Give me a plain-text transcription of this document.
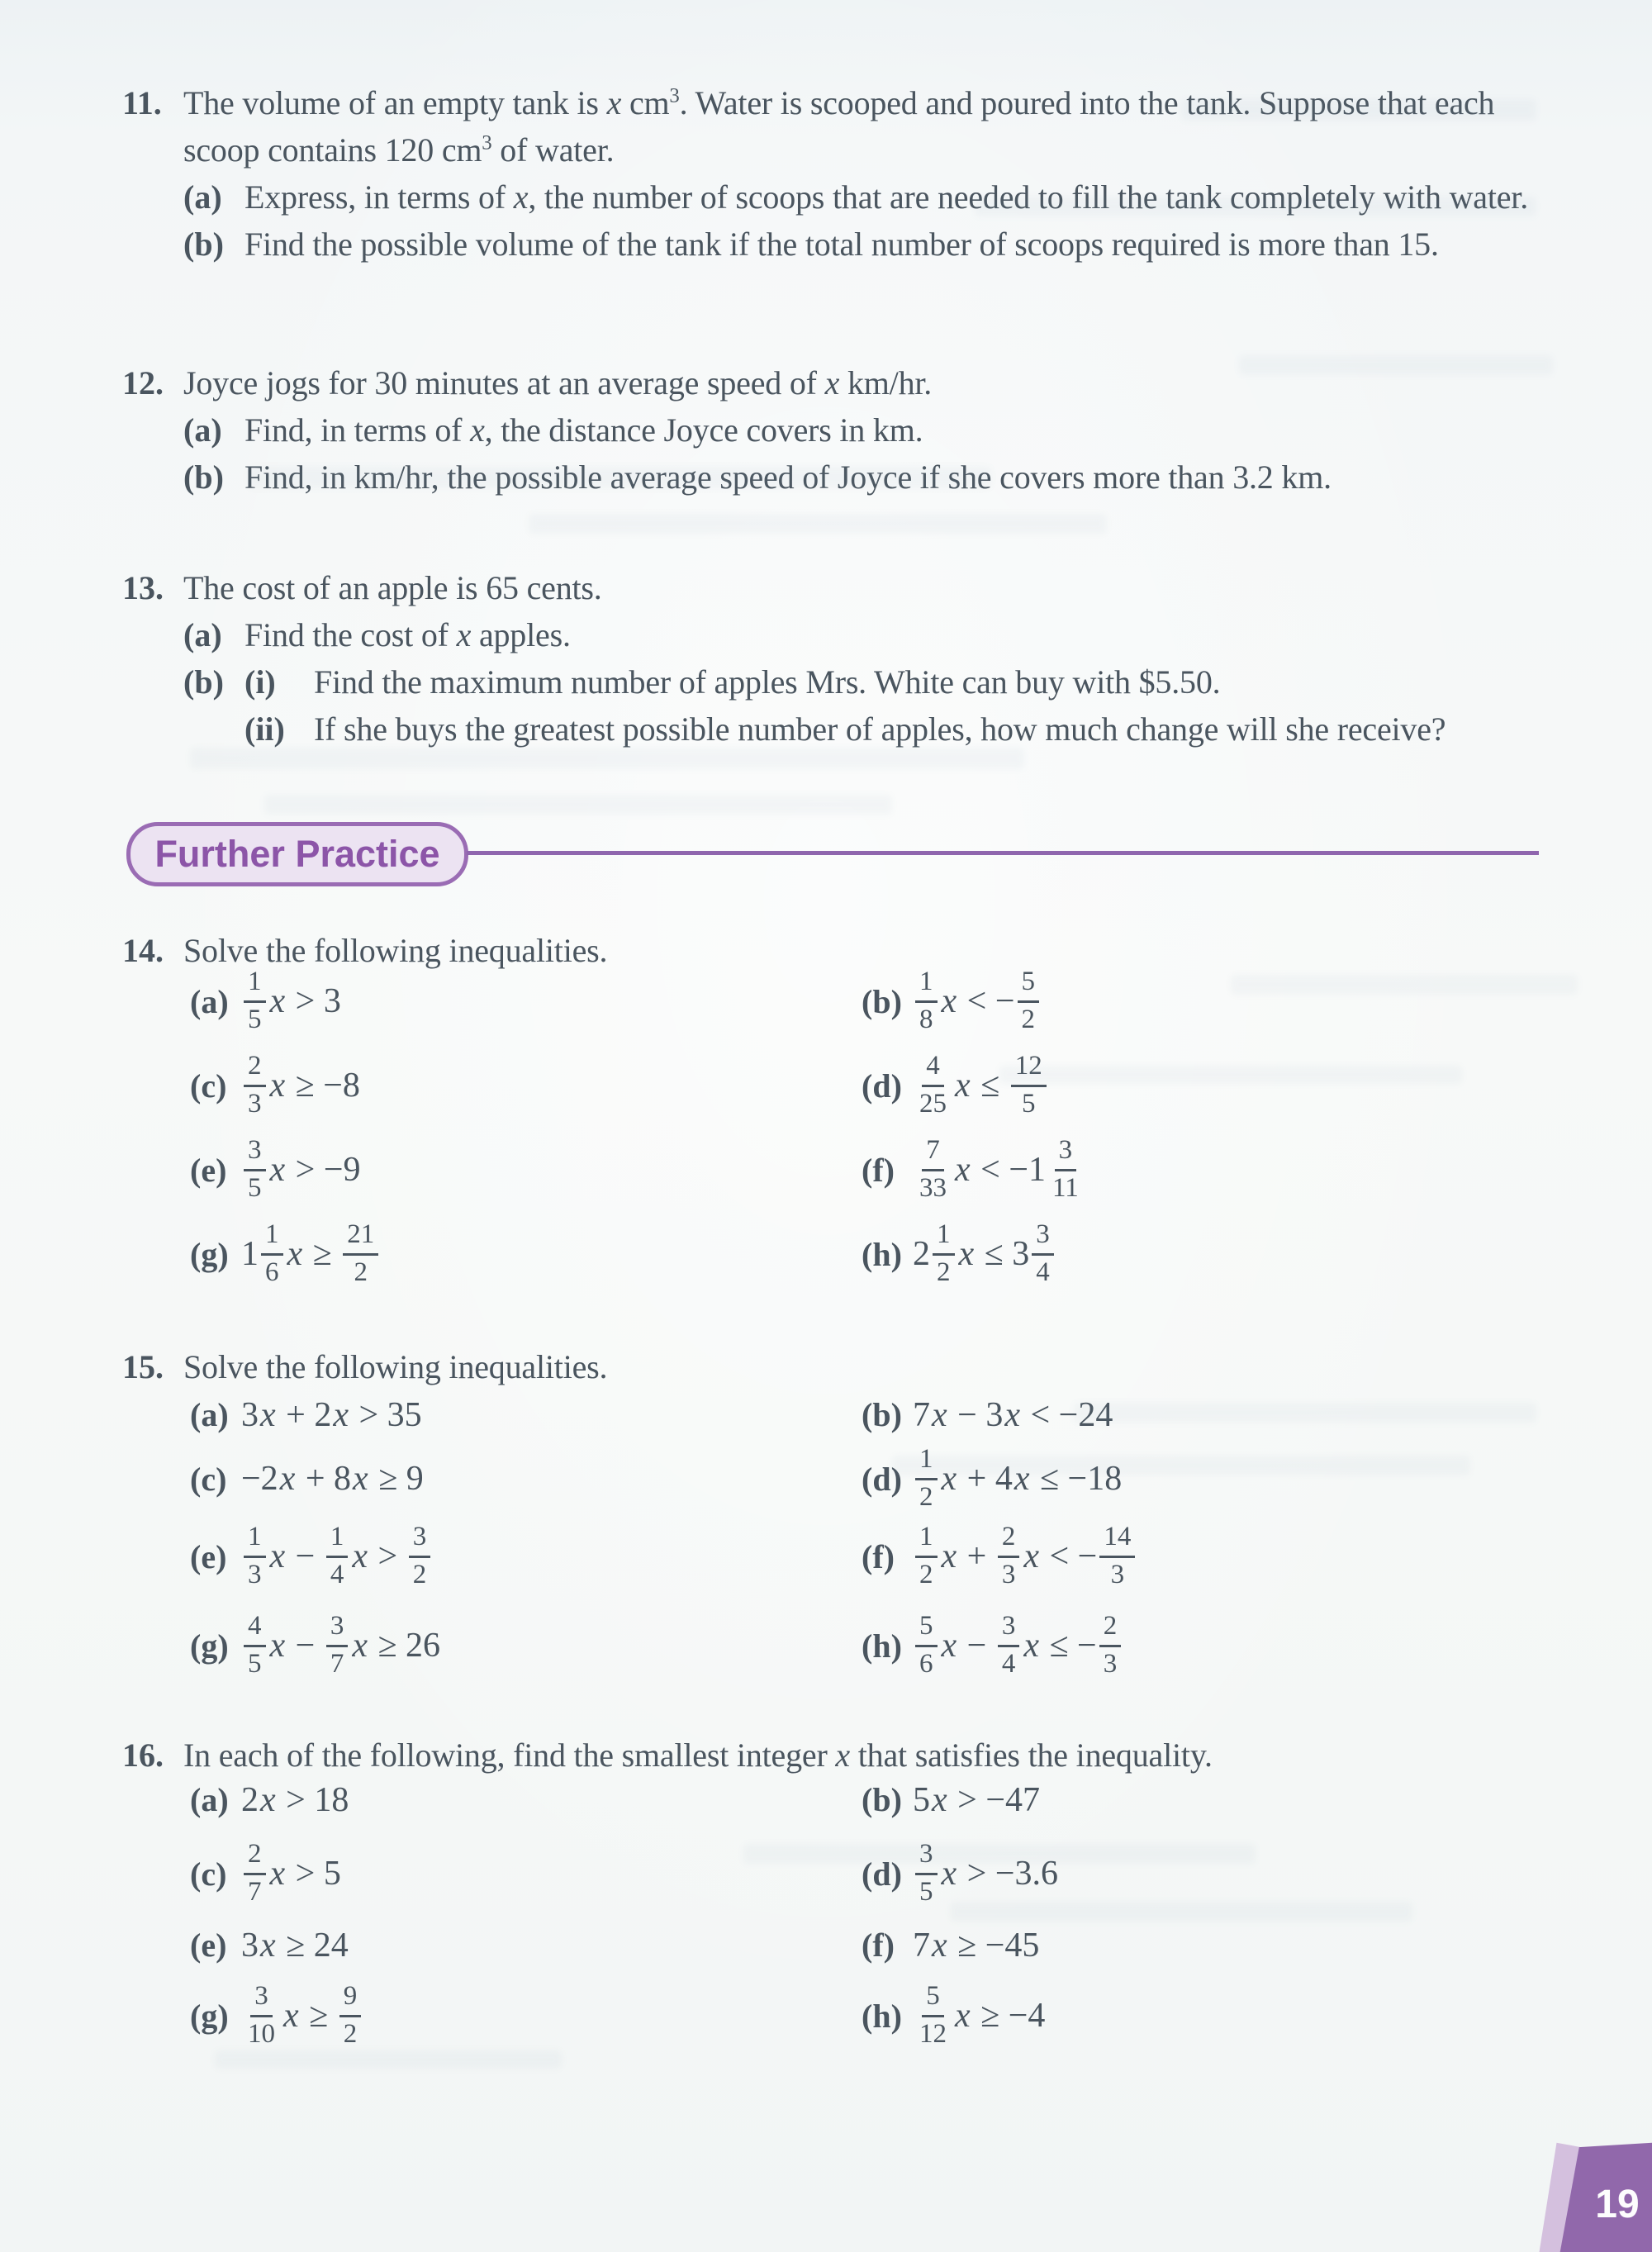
11. The volume of an empty tank is x $cm^3$. Water is scooped and poured into the tank. Suppose that each
scoop contains 120 $cm^3$ of water.
(a) Express, in terms of x, the number of scoops that are needed to fill the tank completely with water.
(b) Find the possible volume of the tank if the total number of scoops required is more than 15.
12. Joyce jogs for 30 minutes at an average speed of x km/hr.
(a) Find, in terms of x, the distance Joyce covers in km.
(b) Find, in km/hr, the possible average speed of Joyce if she covers more than 3.2 km.
13. The cost of an apple is 65 cents.
(a) Find the cost of x apples.
(b) (i) Find the maximum number of apples Mrs. White can buy with $5.50.
(ii) If she buys the greatest possible number of apples, how much change will she receive?
Further Practice
14. Solve the following inequalities.
$(a) \frac{1}{5}$ x > 3	$(b) \frac{1}{8}$ x < − $\frac{5}{2}$
$(c) \frac{2}{3}$ x ≥ −8	$(d) \frac{4}{25}$ $x \le \frac{12}{5}$
$(e) \frac{3}{5}$ x > −9	$(f) \frac{7}{33}$ $x < -1 \frac{3}{11}$
(g) $1 \frac{1}{6}$ $x \ge \frac{21}{2}$	(h) $2 \frac{1}{2}$ $x \le 3 \frac{3}{4}$
15. Solve the following inequalities.
(a) 3 x + 2 x > 35	(b) 7 x − 3 x < −24
(c) −2 x + 8 x ≥ 9	$(d) \frac{1}{2}$ x + 4 x ≤ −18
$(e) \frac{1}{3}$ $x - \frac{1}{4}$ $x > \frac{3}{2}$	$(f) \frac{1}{2}$ $x + \frac{2}{3}$ x < − $\frac{14}{3}$
$(g) \frac{4}{5}$ $x - \frac{3}{7}$ x ≥ 26	$(h) \frac{5}{6}$ $x - \frac{3}{4}$ x ≤ − $\frac{2}{3}$
16. In each of the following, find the smallest integer x that satisfies the inequality.
(a) 2 x > 18	(b) 5 x > −47
$(c) \frac{2}{7}$ x > 5	$(d) \frac{3}{5}$ x > −3.6
(e) 3 x ≥ 24	(f) 7 x ≥ −45
$(g) \frac{3}{10}$ $x \ge \frac{9}{2}$	$(h) \frac{5}{12}$ x ≥ −4
19
